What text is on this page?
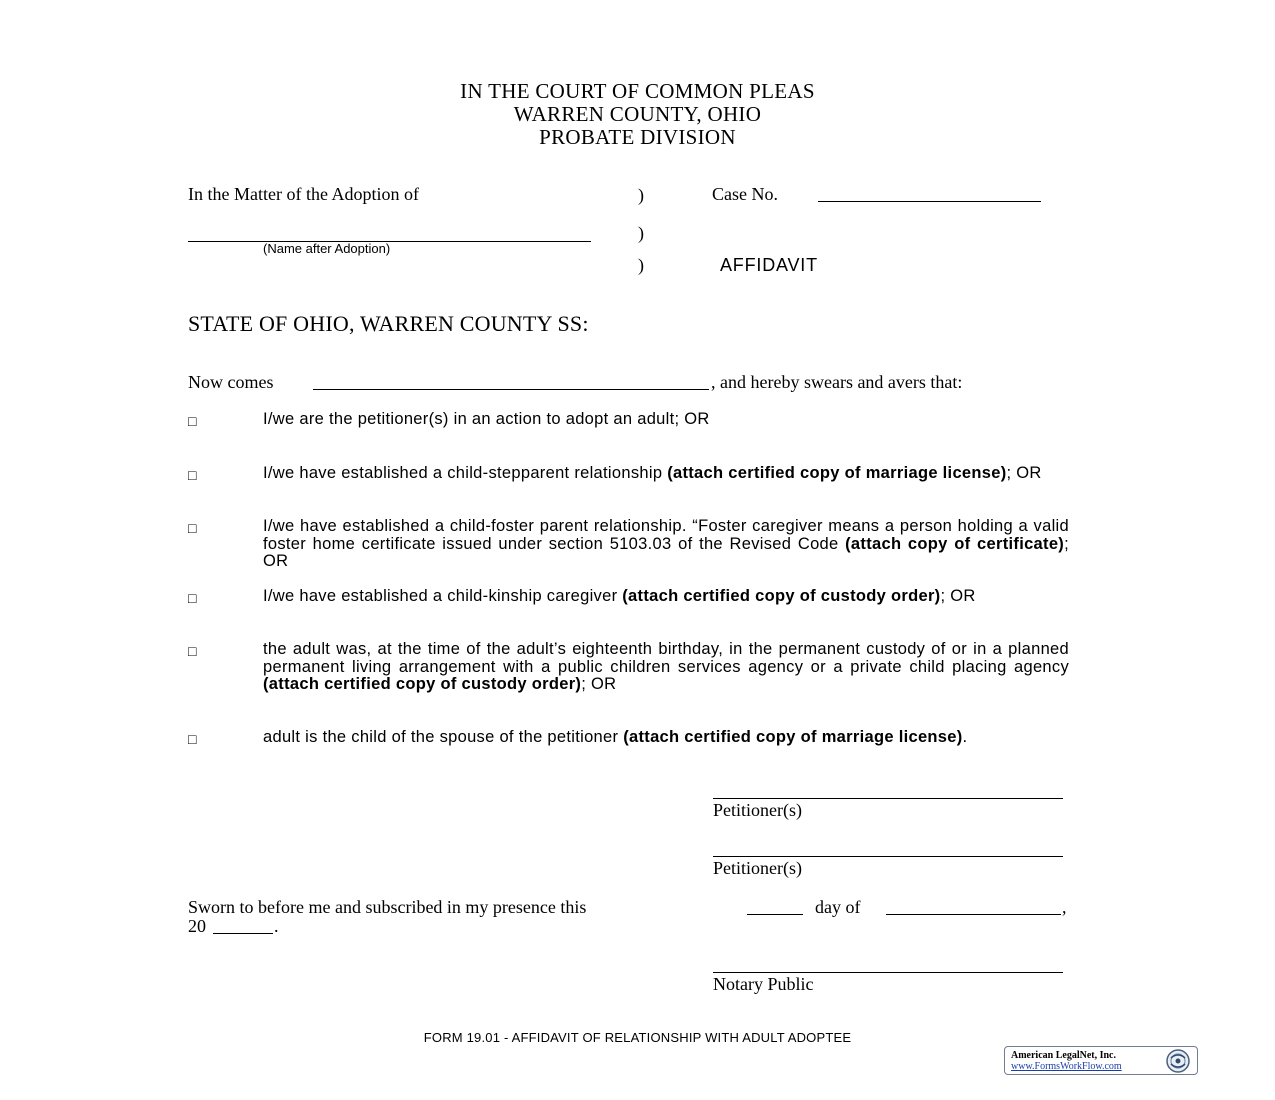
IN THE COURT OF COMMON PLEAS
WARREN COUNTY, OHIO
PROBATE DIVISION
In the Matter of the Adoption of	)	Case No.
)
(Name after Adoption)
)	AFFIDAVIT
STATE OF OHIO, WARREN COUNTY SS:
Now comes	, and hereby swears and avers that:
□	I/we are the petitioner(s) in an action to adopt an adult; OR
□	I/we have established a child-stepparent relationship (attach certified copy of marriage license); OR
□	I/we have established a child-foster parent relationship. “Foster caregiver means a person holding a valid foster home certificate issued under section 5103.03 of the Revised Code (attach copy of certificate); OR
□	I/we have established a child-kinship caregiver (attach certified copy of custody order); OR
□	the adult was, at the time of the adult’s eighteenth birthday, in the permanent custody of or in a planned permanent living arrangement with a public children services agency or a private child placing agency (attach certified copy of custody order); OR
□	adult is the child of the spouse of the petitioner (attach certified copy of marriage license).
Petitioner(s)
Petitioner(s)
Sworn to before me and subscribed in my presence this	day of	,
20	.
Notary Public
FORM 19.01 - AFFIDAVIT OF RELATIONSHIP WITH ADULT ADOPTEE
American LegalNet, Inc.
www.FormsWorkFlow.com
